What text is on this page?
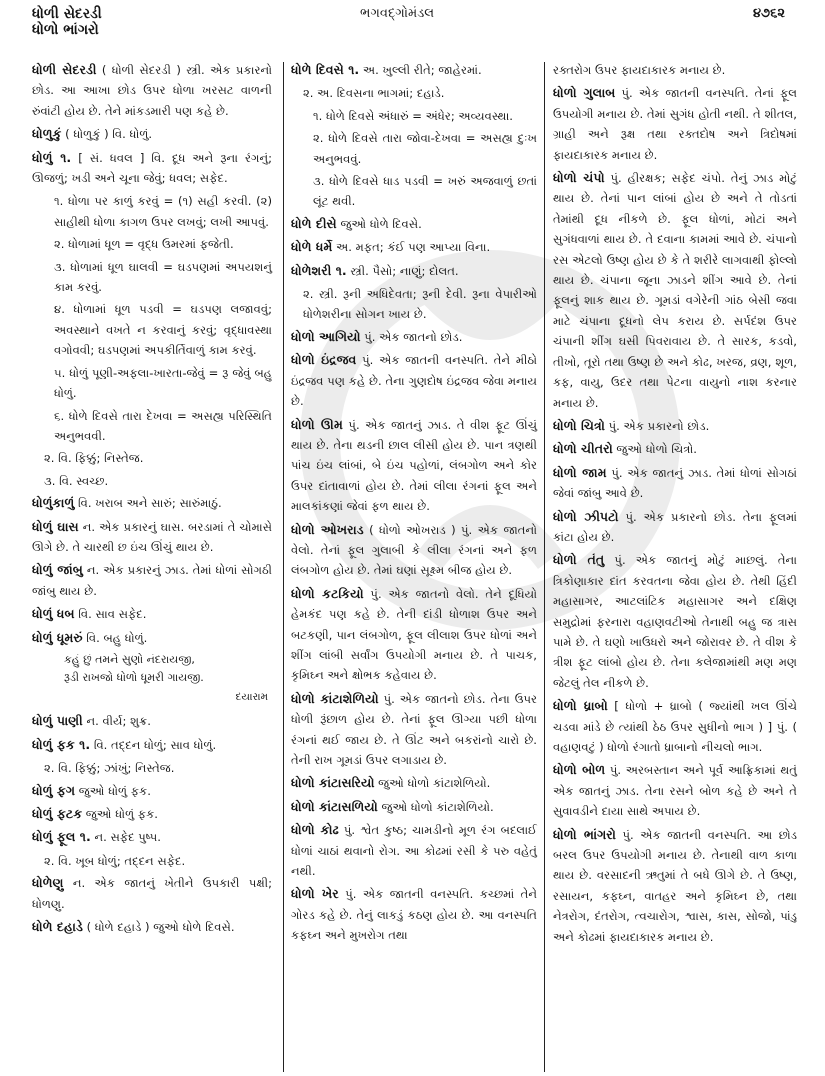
ધોળી સેદરડી
ધોળો ભાંગરો
ભગવદ્ગોમંડલ	૪૭૬૨
ધોળી સેદરડી ( ધોળી સેદરડી ) સ્ત્રી. એક પ્રકારનો છોડ. આ આખા છોડ ઉપર ધોળા ખરસટ વાળની રુંવાંટી હોય છે. તેને માંકડમારી પણ કહે છે.
ધોળુકું ( ધોળુકું ) વિ. ધોળું.
ધોળું ૧. [ સં. ધવલ ] વિ. દૂધ અને રૂના રંગનું; ઊજળું; ખડી અને ચૂના જેવું; ધવલ; સફેદ.
૧. ધોળા પર કાળું કરવું = (૧) સહી કરવી. (૨) સાહીથી ધોળા કાગળ ઉપર લખવું; લખી આપવું.
૨. ધોળામાં ધૂળ = વૃદ્ધ ઉમરમાં ફજેતી.
૩. ધોળામાં ધૂળ ઘાલવી = ઘડપણમાં અપયશનું કામ કરવું.
૪. ધોળામાં ધૂળ પડવી = ઘડપણ લજાવવું; અવસ્થાને વખતે ન કરવાનું કરવું; વૃદ્ધાવસ્થા વગોવવી; ઘડપણમાં અપકીર્તિવાળું કામ કરવું.
૫. ધોળું પૂણી-અફલા-ખારતા-જેવું = રૂ જેવું બહુ ધોળું.
૬. ધોળે દિવસે તારા દેખવા = અસહ્ય પરિસ્થિતિ અનુભવવી.
૨. વિ. ફિક્કું; નિસ્તેજ.
૩. વિ. સ્વચ્છ.
ધોળુંકાળું વિ. ખરાબ અને સારું; સારુંમાઠું.
ધોળું ઘાસ ન. એક પ્રકારનું ઘાસ. બરડામાં તે ચોમાસે ઊગે છે. તે ચારથી છ ઇંચ ઊંચું થાય છે.
ધોળું જાંબુ ન. એક પ્રકારનું ઝાડ. તેમાં ધોળાં સોગઠી જાંબુ થાય છે.
ધોળું ધબ વિ. સાવ સફેદ.
ધોળું ધૂમરું વિ. બહુ ધોળું.
કહું છું તમને સુણો નંદરાયજી,
રૂડી રાખજો ધોળો ધૂમરી ગાયજી.
દયારામ
ધોળું પાણી ન. વીર્ય; શુક્ર.
ધોળું ફક ૧. વિ. તદ્દન ધોળું; સાવ ધોળું.
૨. વિ. ફિક્કું; ઝાંખું; નિસ્તેજ.
ધોળું ફગ જુઓ ધોળું ફક.
ધોળું ફટક જુઓ ધોળું ફક.
ધોળું ફૂલ ૧. ન. સફેદ પુષ્પ.
૨. વિ. ખૂબ ધોળું; તદ્દન સફેદ.
ધોળેણુ ન. એક જાતનું ખેતીને ઉપકારી પક્ષી; ધોળણુ.
ધોળે દહાડે ( ધોળે દહાડે ) જુઓ ધોળે દિવસે.
ધોળે દિવસે ૧. અ. ખુલ્લી રીતે; જાહેરમાં.
૨. અ. દિવસના ભાગમાં; દહાડે.
૧. ધોળે દિવસે અંધારું = અંધેર; અવ્યવસ્થા.
૨. ધોળે દિવસે તારા જોવા-દેખવા = અસહ્ય દુઃખ અનુભવવું.
૩. ધોળે દિવસે ધાડ પડવી = ખરું અજવાળું છતાં લૂંટ થવી.
ધોળે દીસે જુઓ ધોળે દિવસે.
ધોળે ધર્મે અ. મફત; કંઈ પણ આપ્યા વિના.
ધોળેશરી ૧. સ્ત્રી. પૈસો; નાણું; દોલત.
૨. સ્ત્રી. રૂની અધિદેવતા; રૂની દેવી. રૂના વેપારીઓ ધોળેશરીના સોગન ખાય છે.
ધોળો આગિયો પું. એક જાતનો છોડ.
ધોળો ઇંદ્રજવ પું. એક જાતની વનસ્પતિ. તેને મીઠો ઇંદ્રજવ પણ કહે છે. તેના ગુણદોષ ઇંદ્રજવ જેવા મનાય છે.
ધોળો ઊમ પું. એક જાતનું ઝાડ. તે વીશ ફૂટ ઊંચું થાય છે. તેના થડની છાલ લીસી હોય છે. પાન ત્રણથી પાંચ ઇંચ લાંબાં, બે ઇંચ પહોળાં, લંબગોળ અને કોર ઉપર દાંતાવાળાં હોય છે. તેમાં લીલા રંગનાં ફૂલ અને માલકાંકણાં જેવાં ફળ થાય છે.
ધોળો ઓખરાડ ( ધોળો ઓખરાડ ) પું. એક જાતનો વેલો. તેનાં ફૂલ ગુલાબી કે લીલા રંગનાં અને ફળ લંબગોળ હોય છે. તેમાં ઘણાં સૂક્ષ્મ બીજ હોય છે.
ધોળો કટકિયો પું. એક જાતનો વેલો. તેને દૂધિયો હેમકંદ પણ કહે છે. તેની દાંડી ધોળાશ ઉપર અને બટકણી, પાન લંબગોળ, ફૂલ લીલાશ ઉપર ધોળાં અને શીંગ લાંબી સર્વાંગ ઉપયોગી મનાય છે. તે પાચક, કૃમિઘ્ન અને ક્ષોભક કહેવાય છે.
ધોળો કાંટાશેળિયો પું. એક જાતનો છોડ. તેના ઉપર ધોળી રૂંછાળ હોય છે. તેનાં ફૂલ ઊગ્યા પછી ધોળા રંગનાં થઈ જાય છે. તે ઊંટ અને બકરાંનો ચારો છે. તેની રાખ ગૂમડાં ઉપર લગાડાય છે.
ધોળો કાંટાસરિયો જુઓ ધોળો કાંટાશેળિયો.
ધોળો કાંટાસળિયો જુઓ ધોળો કાંટાશેળિયો.
ધોળો કોઢ પું. શ્વેત કુષ્ઠ; ચામડીનો મૂળ રંગ બદલાઈ ધોળાં ચાઠાં થવાનો રોગ. આ કોઢમાં રસી કે પરુ વહેતું નથી.
ધોળો ખેર પું. એક જાતની વનસ્પતિ. કચ્છમાં તેને ગોરડ કહે છે. તેનું લાકડું કઠણ હોય છે. આ વનસ્પતિ કફઘ્ન અને મુખરોગ તથા
રક્તરોગ ઉપર ફાયદાકારક મનાય છે.
ધોળો ગુલાબ પું. એક જાતની વનસ્પતિ. તેનાં ફૂલ ઉપયોગી મનાય છે. તેમાં સુગંધ હોતી નથી. તે શીતલ, ગ્રાહી અને રૂક્ષ તથા રક્તદોષ અને ત્રિદોષમાં ફાયદાકારક મનાય છે.
ધોળો ચંપો પું. હીરક્ષક; સફેદ ચંપો. તેનું ઝાડ મોટું થાય છે. તેનાં પાન લાંબાં હોય છે અને તે તોડતાં તેમાંથી દૂધ નીકળે છે. ફૂલ ધોળાં, મોટાં અને સુગંધવાળાં થાય છે. તે દવાના કામમાં આવે છે. ચંપાનો રસ એટલો ઉષ્ણ હોય છે કે તે શરીરે લાગવાથી ફોલ્લો થાય છે. ચંપાના જૂના ઝાડને શીંગ આવે છે. તેનાં ફૂલનું શાક થાય છે. ગૂમડાં વગેરેની ગાંઠ બેસી જવા માટે ચંપાના દૂધનો લેપ કરાય છે. સર્પદંશ ઉપર ચંપાની શીંગ ઘસી પિવરાવાય છે. તે સારક, કડવો, તીખો, તૂરો તથા ઉષ્ણ છે અને કોઢ, ખરજ, વ્રણ, શૂળ, કફ, વાયુ, ઉદર તથા પેટના વાયુનો નાશ કરનાર મનાય છે.
ધોળો ચિત્રો પું. એક પ્રકારનો છોડ.
ધોળો ચીતરો જુઓ ધોળો ચિત્રો.
ધોળો જામ પું. એક જાતનું ઝાડ. તેમાં ધોળાં સોગઠાં જેવાં જાંબુ આવે છે.
ધોળો ઝીપટો પું. એક પ્રકારનો છોડ. તેના ફૂલમાં કાંટા હોય છે.
ધોળો તંતુ પું. એક જાતનું મોટું માછલું. તેના ત્રિકોણાકાર દાંત કરવતના જેવા હોય છે. તેથી હિંદી મહાસાગર, આટલાંટિક મહાસાગર અને દક્ષિણ સમુદ્રોમાં ફરનારા વહાણવટીઓ તેનાથી બહુ જ ત્રાસ પામે છે. તે ઘણો ખાઉધરો અને જોરાવર છે. તે વીશ કે ત્રીશ ફૂટ લાંબો હોય છે. તેના કલેજામાંથી મણ મણ જેટલું તેલ નીકળે છે.
ધોળો ધ્રાબો [ ધોળો + ધ્રાબો ( જ્યાંથી ખલ ઊંચે ચડવા માંડે છે ત્યાંથી ઠેઠ ઉપર સુધીનો ભાગ ) ] પું. ( વહાણવટું ) ધોળો રંગાતો ધ્રાબાનો નીચલો ભાગ.
ધોળો બોળ પું. અરબસ્તાન અને પૂર્વ આફ્રિકામાં થતું એક જાતનું ઝાડ. તેના રસને બોળ કહે છે અને તે સુવાવડીને દાયા સાથે અપાય છે.
ધોળો ભાંગરો પું. એક જાતની વનસ્પતિ. આ છોડ બરલ ઉપર ઉપયોગી મનાય છે. તેનાથી વાળ કાળા થાય છે. વરસાદની ઋતુમાં તે બધે ઊગે છે. તે ઉષ્ણ, રસાયન, કફઘ્ન, વાતહર અને કૃમિઘ્ન છે, તથા નેત્રરોગ, દંતરોગ, ત્વચારોગ, શ્વાસ, કાસ, સોજો, પાંડુ અને કોઢમાં ફાયદાકારક મનાય છે.
